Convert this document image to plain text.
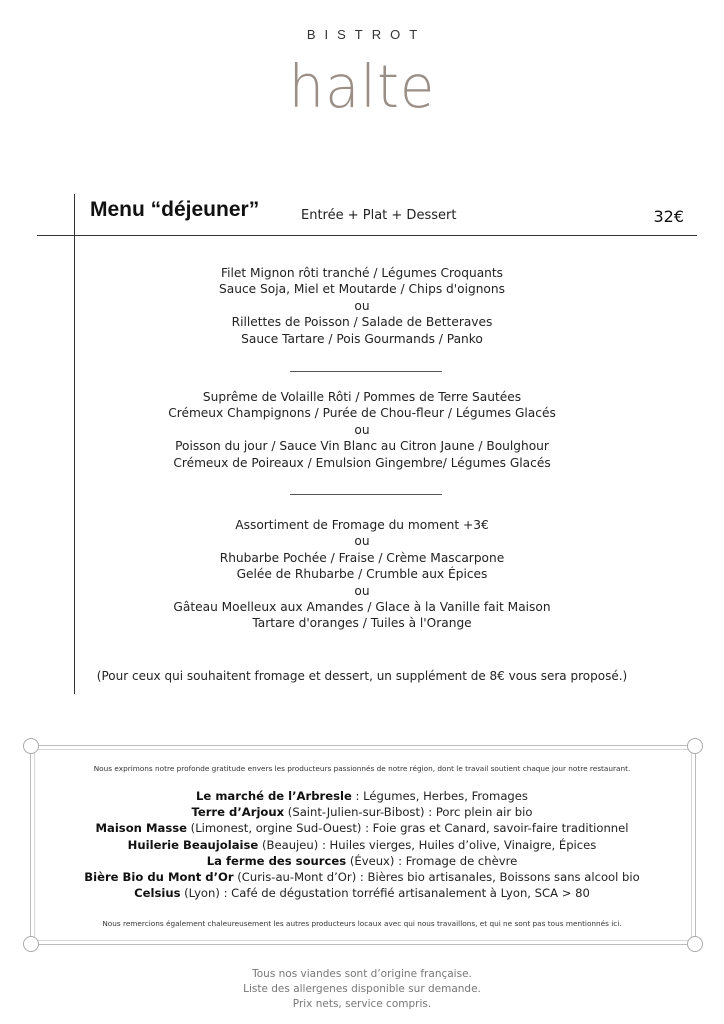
BISTROT
halte
Menu “déjeuner”	Entrée + Plat + Dessert	32€
Filet Mignon rôti tranché / Légumes Croquants
Sauce Soja, Miel et Moutarde / Chips d'oignons
ou
Rillettes de Poisson / Salade de Betteraves
Sauce Tartare / Pois Gourmands / Panko
Suprême de Volaille Rôti / Pommes de Terre Sautées
Crémeux Champignons / Purée de Chou-fleur / Légumes Glacés
ou
Poisson du jour / Sauce Vin Blanc au Citron Jaune / Boulghour
Crémeux de Poireaux / Emulsion Gingembre/ Légumes Glacés
Assortiment de Fromage du moment +3€
ou
Rhubarbe Pochée / Fraise / Crème Mascarpone
Gelée de Rhubarbe / Crumble aux Épices
ou
Gâteau Moelleux aux Amandes / Glace à la Vanille fait Maison
Tartare d'oranges / Tuiles à l'Orange
(Pour ceux qui souhaitent fromage et dessert, un supplément de 8€ vous sera proposé.)
Nous exprimons notre profonde gratitude envers les producteurs passionnés de notre région, dont le travail soutient chaque jour notre restaurant.
Le marché de l’Arbresle : Légumes, Herbes, Fromages
Terre d’Arjoux (Saint-Julien-sur-Bibost) : Porc plein air bio
Maison Masse (Limonest, orgine Sud-Ouest) : Foie gras et Canard, savoir-faire traditionnel
Huilerie Beaujolaise (Beaujeu) : Huiles vierges, Huiles d’olive, Vinaigre, Épices
La ferme des sources (Éveux) : Fromage de chèvre
Bière Bio du Mont d’Or (Curis-au-Mont d’Or) : Bières bio artisanales, Boissons sans alcool bio
Celsius (Lyon) : Café de dégustation torréfié artisanalement à Lyon, SCA > 80
Nous remercions également chaleureusement les autres producteurs locaux avec qui nous travaillons, et qui ne sont pas tous mentionnés ici.
Tous nos viandes sont d’origine française.
Liste des allergenes disponible sur demande.
Prix nets, service compris.
